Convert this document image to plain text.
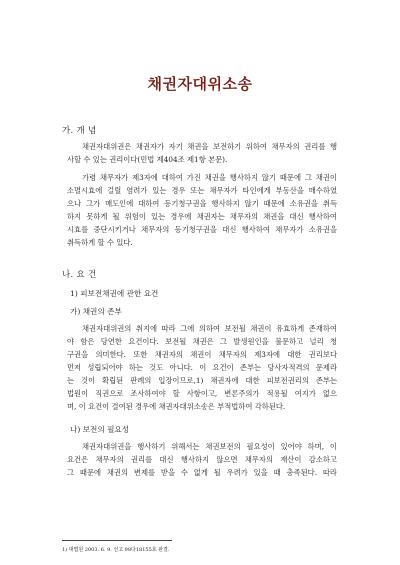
채권자대위소송
가. 개 념
채권자대위권은 채권자가 자기 채권을 보전하기 위하여 채무자의 권리를 행
사할 수 있는 권리이다(민법 제404조 제1항 본문).
가령 채무자가 제3자에 대하여 가진 채권을 행사하지 않기 때문에 그 채권이
소멸시효에 걸릴 염려가 있는 경우 또는 채무자가 타인에게 부동산을 매수하였
으나 그가 매도인에 대하여 등기청구권을 행사하지 않기 때문에 소유권을 취득
하지 못하게 될 위험이 있는 경우에 채권자는 채무자의 채권을 대신 행사하여
시효를 중단시키거나 채무자의 등기청구권을 대신 행사하여 채무자가 소유권을
취득하게 할 수 있다.
나. 요 건
1) 피보전채권에 관한 요건
가) 채권의 존부
채권자대위권의 취지에 따라 그에 의하여 보전될 채권이 유효하게 존재하여
야 함은 당연한 요건이다. 보전될 채권은 그 발생원인을 불문하고 널리 청
구권을 의미한다. 또한 채권자의 채권이 채무자의 제3자에 대한 권리보다
먼저 성립되어야 하는 것도 아니다. 이 요건이 존부는 당사자적격의 문제라
는 것이 확립된 판례의 입장이므로,1) 채권자에 대한 피보전권리의 존부는
법원이 직권으로 조사하여야 할 사항이고, 변론주의가 적용될 여지가 없으
며, 이 요건이 결여된 경우에 채권자대위소송은 부적법하여 각하된다.
나) 보전의 필요성
채권자대위권을 행사하기 위해서는 채권보전의 필요성이 있어야 하며, 이
요건은 채무자의 권리를 대신 행사하지 않으면 채무자의 재산이 감소하고
그 때문에 채권의 변제를 받을 수 없게 될 우려가 있을 때 충족된다. 따라
1) 대법원 2003. 6. 9. 선고 98다18155호 판결.
